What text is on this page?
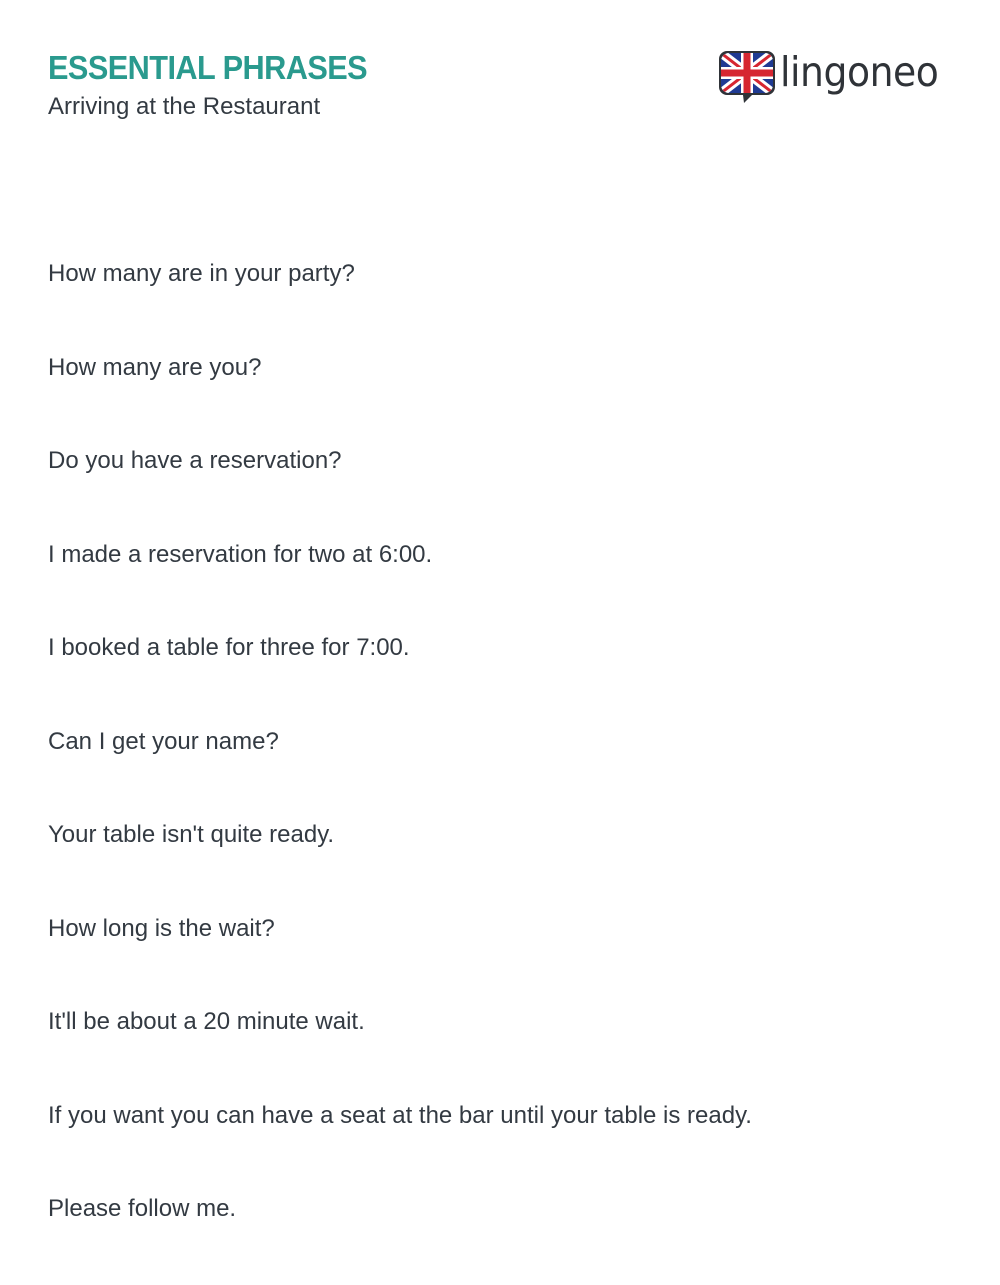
ESSENTIAL PHRASES

Arriving at the Restaurant

lingoneo
How many are in your party?
How many are you?
Do you have a reservation?
I made a reservation for two at 6:00.
I booked a table for three for 7:00.
Can I get your name?
Your table isn't quite ready.
How long is the wait?
It'll be about a 20 minute wait.
If you want you can have a seat at the bar until your table is ready.
Please follow me.
